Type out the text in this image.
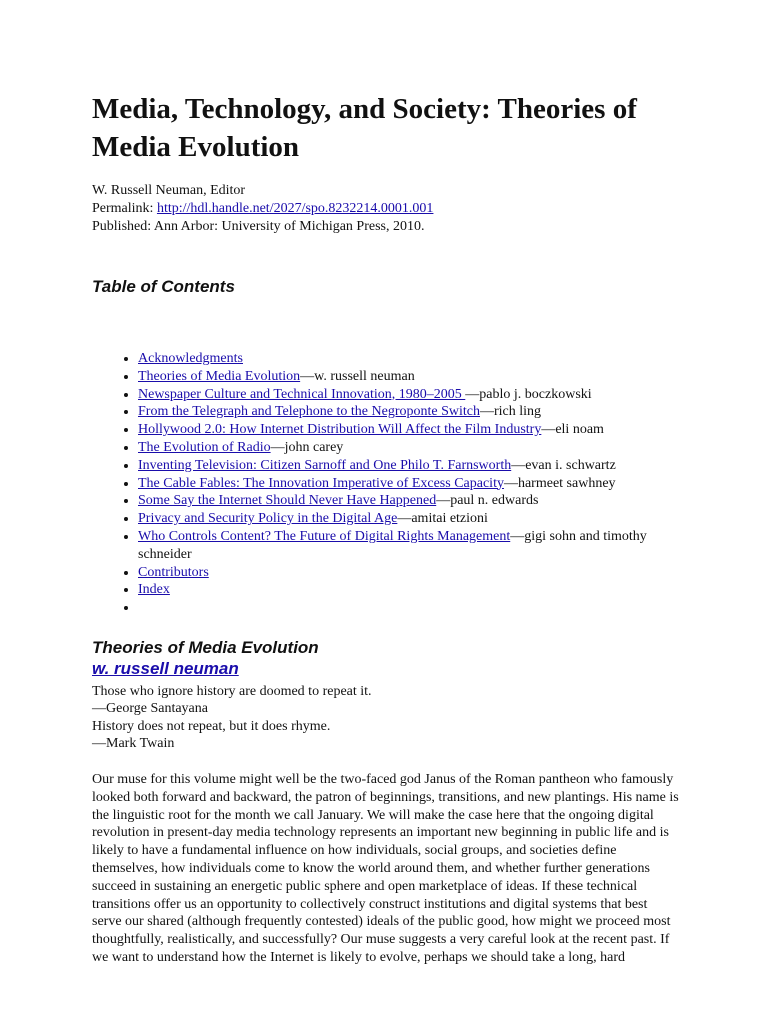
Media, Technology, and Society: Theories of Media Evolution
W. Russell Neuman, Editor
Permalink: http://hdl.handle.net/2027/spo.8232214.0001.001
Published: Ann Arbor: University of Michigan Press, 2010.
Table of Contents
• Acknowledgments
• Theories of Media Evolution—w. russell neuman
• Newspaper Culture and Technical Innovation, 1980–2005 —pablo j. boczkowski
• From the Telegraph and Telephone to the Negroponte Switch—rich ling
• Hollywood 2.0: How Internet Distribution Will Affect the Film Industry—eli noam
• The Evolution of Radio—john carey
• Inventing Television: Citizen Sarnoff and One Philo T. Farnsworth—evan i. schwartz
• The Cable Fables: The Innovation Imperative of Excess Capacity—harmeet sawhney
• Some Say the Internet Should Never Have Happened—paul n. edwards
• Privacy and Security Policy in the Digital Age—amitai etzioni
• Who Controls Content? The Future of Digital Rights Management—gigi sohn and timothy schneider
• Contributors
• Index
•
Theories of Media Evolution
w. russell neuman
Those who ignore history are doomed to repeat it.
—George Santayana
History does not repeat, but it does rhyme.
—Mark Twain

Our muse for this volume might well be the two-faced god Janus of the Roman pantheon who famously looked both forward and backward, the patron of beginnings, transitions, and new plantings. His name is the linguistic root for the month we call January. We will make the case here that the ongoing digital revolution in present-day media technology represents an important new beginning in public life and is likely to have a fundamental influence on how individuals, social groups, and societies define themselves, how individuals come to know the world around them, and whether further generations succeed in sustaining an energetic public sphere and open marketplace of ideas. If these technical transitions offer us an opportunity to collectively construct institutions and digital systems that best serve our shared (although frequently contested) ideals of the public good, how might we proceed most thoughtfully, realistically, and successfully? Our muse suggests a very careful look at the recent past. If we want to understand how the Internet is likely to evolve, perhaps we should take a long, hard
